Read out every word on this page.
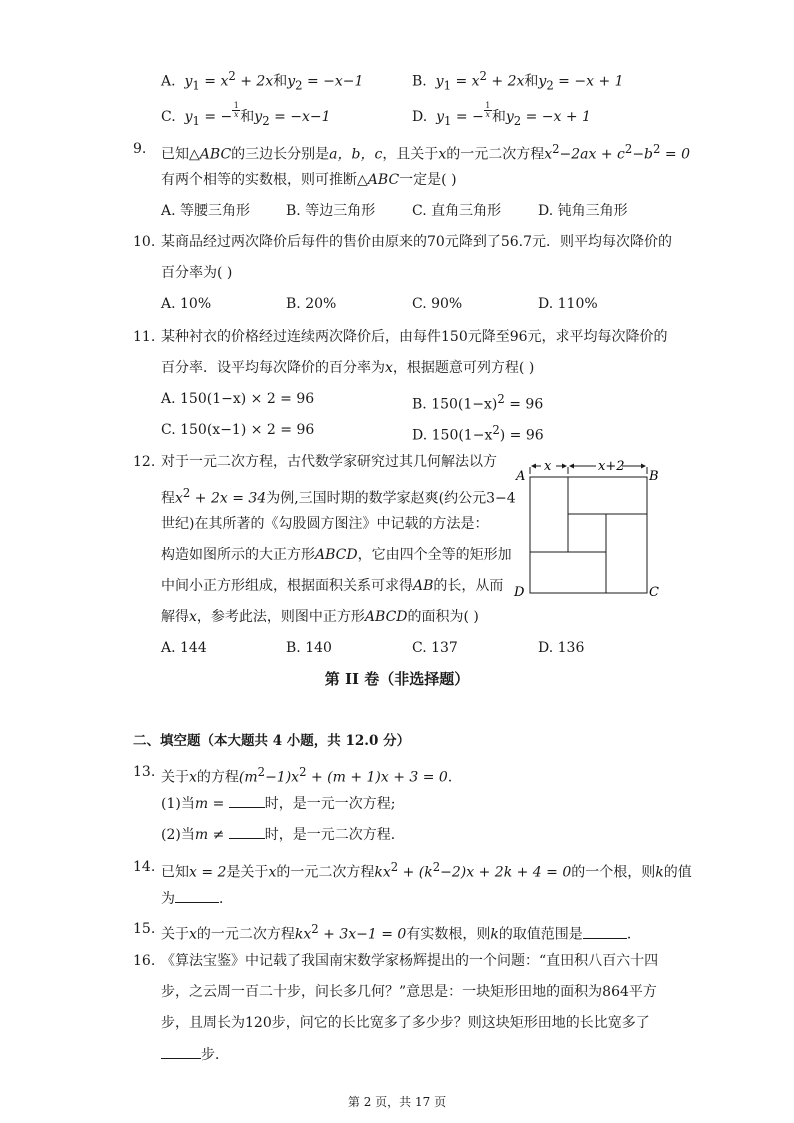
A. $y_1 = x^2 + 2x$和$y_2 = -x-1$	B. $y_1 = x^2 + 2x$和$y_2 = -x + 1$
C. $y_1$ = − $\frac{1}{x}$ 和$y_2 = -x-1$	D. $y_1$ = − $\frac{1}{x}$ 和$y_2 = -x + 1$
9. 已知△ABC的三边长分别是a，b，c，且关于x的一元二次方程$x^2-2ax + c^2-b^2 = 0$
有两个相等的实数根，则可推断△ABC一定是( )
A. 等腰三角形	B. 等边三角形	C. 直角三角形	D. 钝角三角形
10. 某商品经过两次降价后每件的售价由原来的70元降到了56.7元．则平均每次降价的
百分率为( )
A. 10%	B. 20%	C. 90%	D. 110%
11. 某种衬衣的价格经过连续两次降价后，由每件150元降至96元，求平均每次降价的
百分率．设平均每次降价的百分率为x，根据题意可列方程( )
A. 150(1−x) × 2 = 96	B. $150(1-x)^2 = 96$
C. 150(x−1) × 2 = 96	D. $150(1-x^2) = 96$
12. 对于一元二次方程，古代数学家研究过其几何解法以方
程$x^2 + 2x = 34$为例,三国时期的数学家赵爽(约公元3−4
世纪)在其所著的《勾股圆方图注》中记载的方法是：
构造如图所示的大正方形ABCD，它由四个全等的矩形加
中间小正方形组成，根据面积关系可求得AB的长，从而
解得x，参考此法，则图中正方形ABCD的面积为( )
x	x+2
A	B
C
D
A. 144	B. 140	C. 137	D. 136
第 II 卷（非选择题）
二、填空题（本大题共 4 小题，共 12.0 分）
13. 关于x的方程$(m^2-1)x^2 + (m + 1)x + 3 = 0$．
(1)当m =	时，是一元一次方程;
(2)当m ≠	时，是一元二次方程．
14. 已知x = 2是关于x的一元二次方程$kx^2 + (k^2-2)x + 2k + 4 = 0$的一个根，则k的值
为	．
15. 关于x的一元二次方程$kx^2 + 3x-1 = 0$有实数根，则k的取值范围是	．
16. 《算法宝鉴》中记载了我国南宋数学家杨辉提出的一个问题：“直田积八百六十四
步，之云周一百二十步，问长多几何？”意思是：一块矩形田地的面积为864平方
步，且周长为120步，问它的长比宽多了多少步？则这块矩形田地的长比宽多了
步．
第 2 页，共 17 页
